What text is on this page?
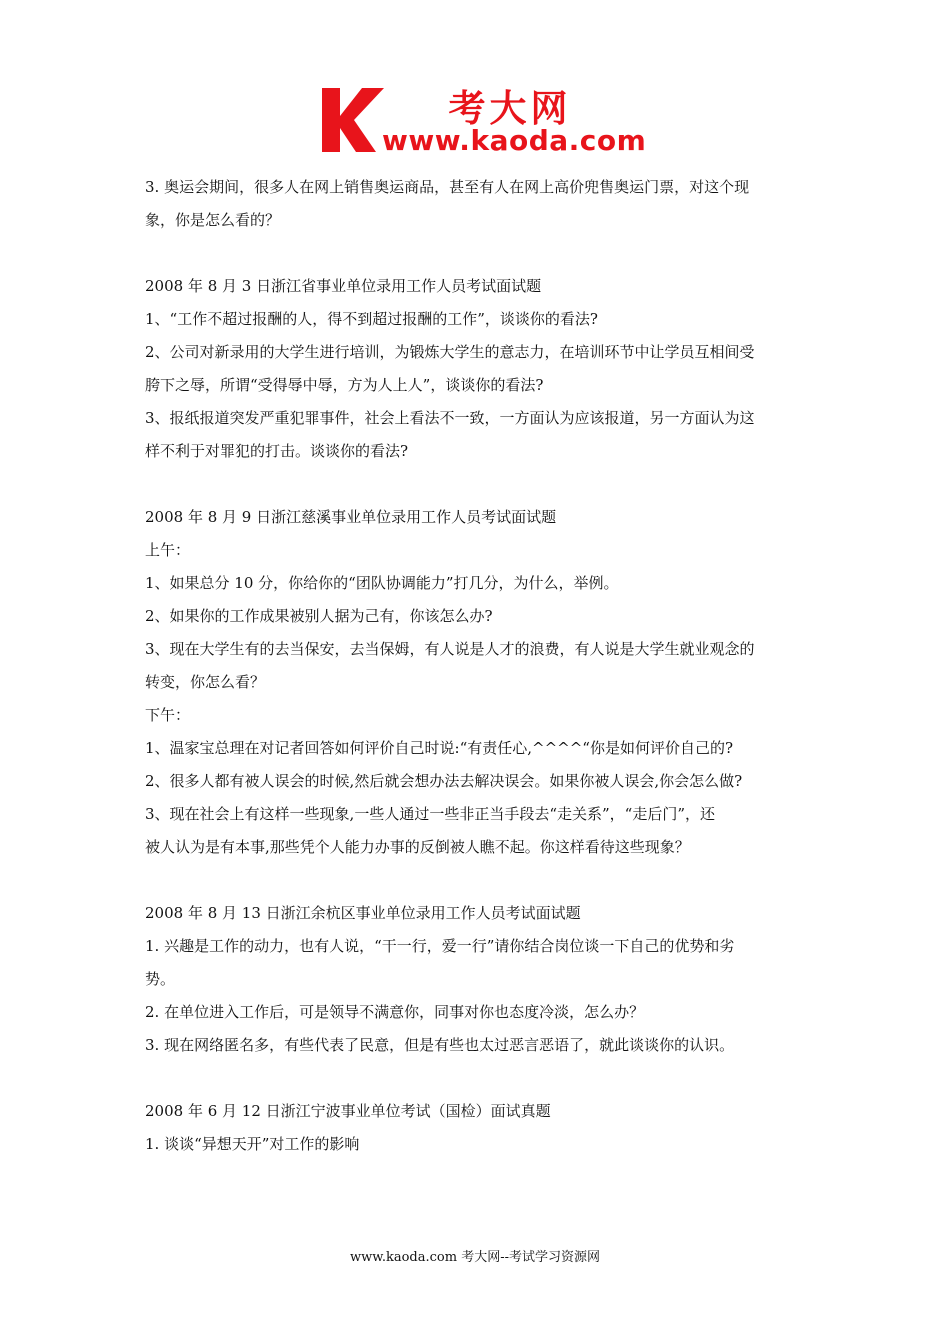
考大网
www.kaoda.com
3. 奥运会期间，很多人在网上销售奥运商品，甚至有人在网上高价兜售奥运门票，对这个现
象，你是怎么看的？
2008 年 8 月 3 日浙江省事业单位录用工作人员考试面试题
1、“工作不超过报酬的人，得不到超过报酬的工作”，谈谈你的看法?
2、公司对新录用的大学生进行培训，为锻炼大学生的意志力，在培训环节中让学员互相间受
胯下之辱，所谓“受得辱中辱，方为人上人”，谈谈你的看法?
3、报纸报道突发严重犯罪事件，社会上看法不一致，一方面认为应该报道，另一方面认为这
样不利于对罪犯的打击。谈谈你的看法?
2008 年 8 月 9 日浙江慈溪事业单位录用工作人员考试面试题
上午：
1、如果总分 10 分，你给你的“团队协调能力”打几分，为什么，举例。
2、如果你的工作成果被别人据为己有，你该怎么办?
3、现在大学生有的去当保安，去当保姆，有人说是人才的浪费，有人说是大学生就业观念的
转变，你怎么看？
下午：
1、温家宝总理在对记者回答如何评价自己时说:“有责任心,^^^^“你是如何评价自己的?
2、很多人都有被人误会的时候,然后就会想办法去解决误会。如果你被人误会,你会怎么做?
3、现在社会上有这样一些现象,一些人通过一些非正当手段去“走关系”，“走后门”，还
被人认为是有本事,那些凭个人能力办事的反倒被人瞧不起。你这样看待这些现象？
2008 年 8 月 13 日浙江余杭区事业单位录用工作人员考试面试题
1. 兴趣是工作的动力，也有人说，“干一行，爱一行”请你结合岗位谈一下自己的优势和劣
势。
2. 在单位进入工作后，可是领导不满意你，同事对你也态度冷淡，怎么办？
3. 现在网络匿名多，有些代表了民意，但是有些也太过恶言恶语了，就此谈谈你的认识。
2008 年 6 月 12 日浙江宁波事业单位考试（国检）面试真题
1. 谈谈“异想天开”对工作的影响
www.kaoda.com 考大网--考试学习资源网
